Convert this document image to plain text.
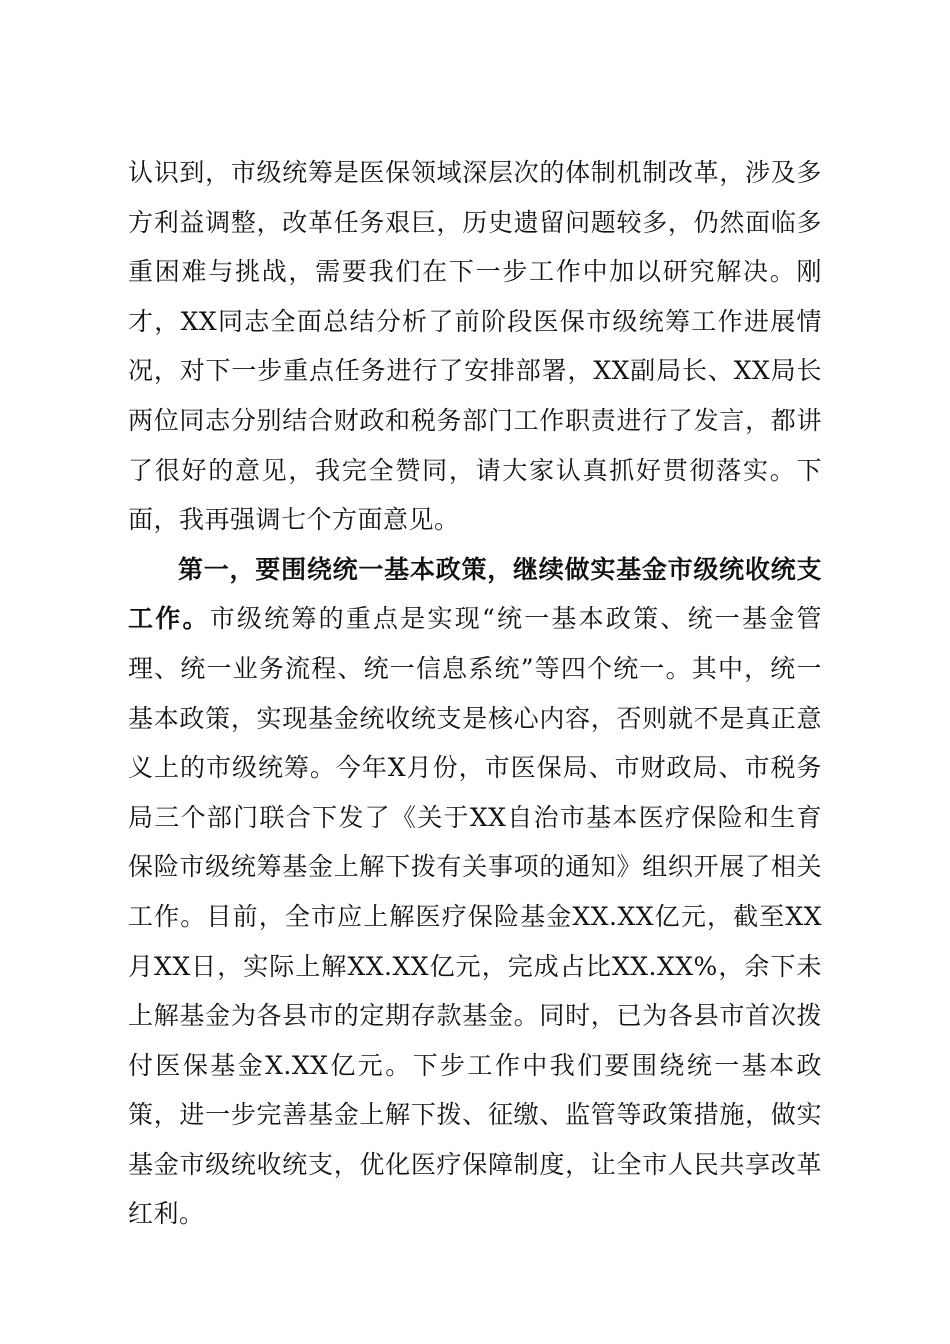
认识到，市级统筹是医保领域深层次的体制机制改革，涉及多方利益调整，改革任务艰巨，历史遗留问题较多，仍然面临多重困难与挑战，需要我们在下一步工作中加以研究解决。刚才，XX同志全面总结分析了前阶段医保市级统筹工作进展情况，对下一步重点任务进行了安排部署，XX副局长、XX局长两位同志分别结合财政和税务部门工作职责进行了发言，都讲了很好的意见，我完全赞同，请大家认真抓好贯彻落实。下面，我再强调七个方面意见。

第一，要围绕统一基本政策，继续做实基金市级统收统支工作。市级统筹的重点是实现“统一基本政策、统一基金管理、统一业务流程、统一信息系统”等四个统一。其中，统一基本政策，实现基金统收统支是核心内容，否则就不是真正意义上的市级统筹。今年X月份，市医保局、市财政局、市税务局三个部门联合下发了《关于XX自治市基本医疗保险和生育保险市级统筹基金上解下拨有关事项的通知》组织开展了相关工作。目前，全市应上解医疗保险基金XX.XX亿元，截至XX月XX日，实际上解XX.XX亿元，完成占比XX.XX%，余下未上解基金为各县市的定期存款基金。同时，已为各县市首次拨付医保基金X.XX亿元。下步工作中我们要围绕统一基本政策，进一步完善基金上解下拨、征缴、监管等政策措施，做实基金市级统收统支，优化医疗保障制度，让全市人民共享改革红利。
